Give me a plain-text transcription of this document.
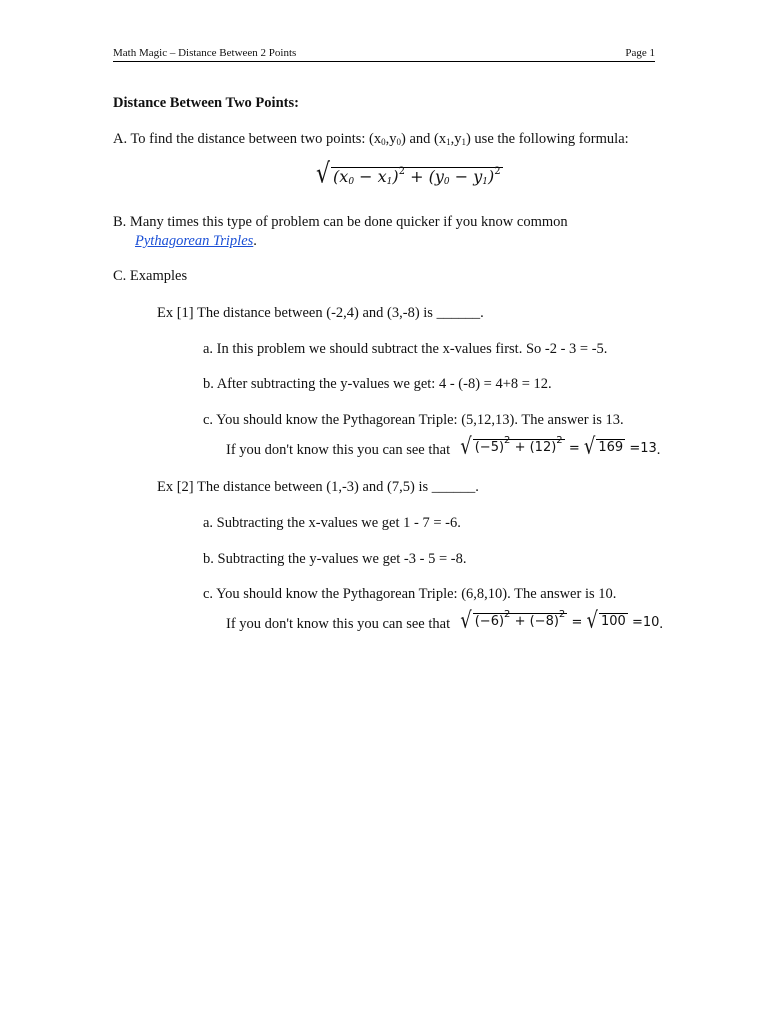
Math Magic – Distance Between 2 Points	Page 1
Distance Between Two Points:
A. To find the distance between two points: $(x_0,y_0)$ and $(x_1,y_1)$ use the following formula:
√ $(x_0 - x_1)^2 + (y_0 - y_1)^2$
B. Many times this type of problem can be done quicker if you know common
Pythagorean Triples.
C. Examples
Ex [1] The distance between (-2,4) and (3,-8) is ______.
a. In this problem we should subtract the x-values first. So -2 - 3 = -5.
b. After subtracting the y-values we get: 4 - (-8) = 4+8 = 12.
c. You should know the Pythagorean Triple: (5,12,13). The answer is 13.
If you don't know this you can see that √ $(-5)^2 + (12)^2$
= √ 169 =13.
Ex [2] The distance between (1,-3) and (7,5) is ______.
a. Subtracting the x-values we get 1 - 7 = -6.
b. Subtracting the y-values we get -3 - 5 = -8.
c. You should know the Pythagorean Triple: (6,8,10). The answer is 10.
If you don't know this you can see that √ $(-6)^2 + (-8)^2$
= √ 100 =10.
